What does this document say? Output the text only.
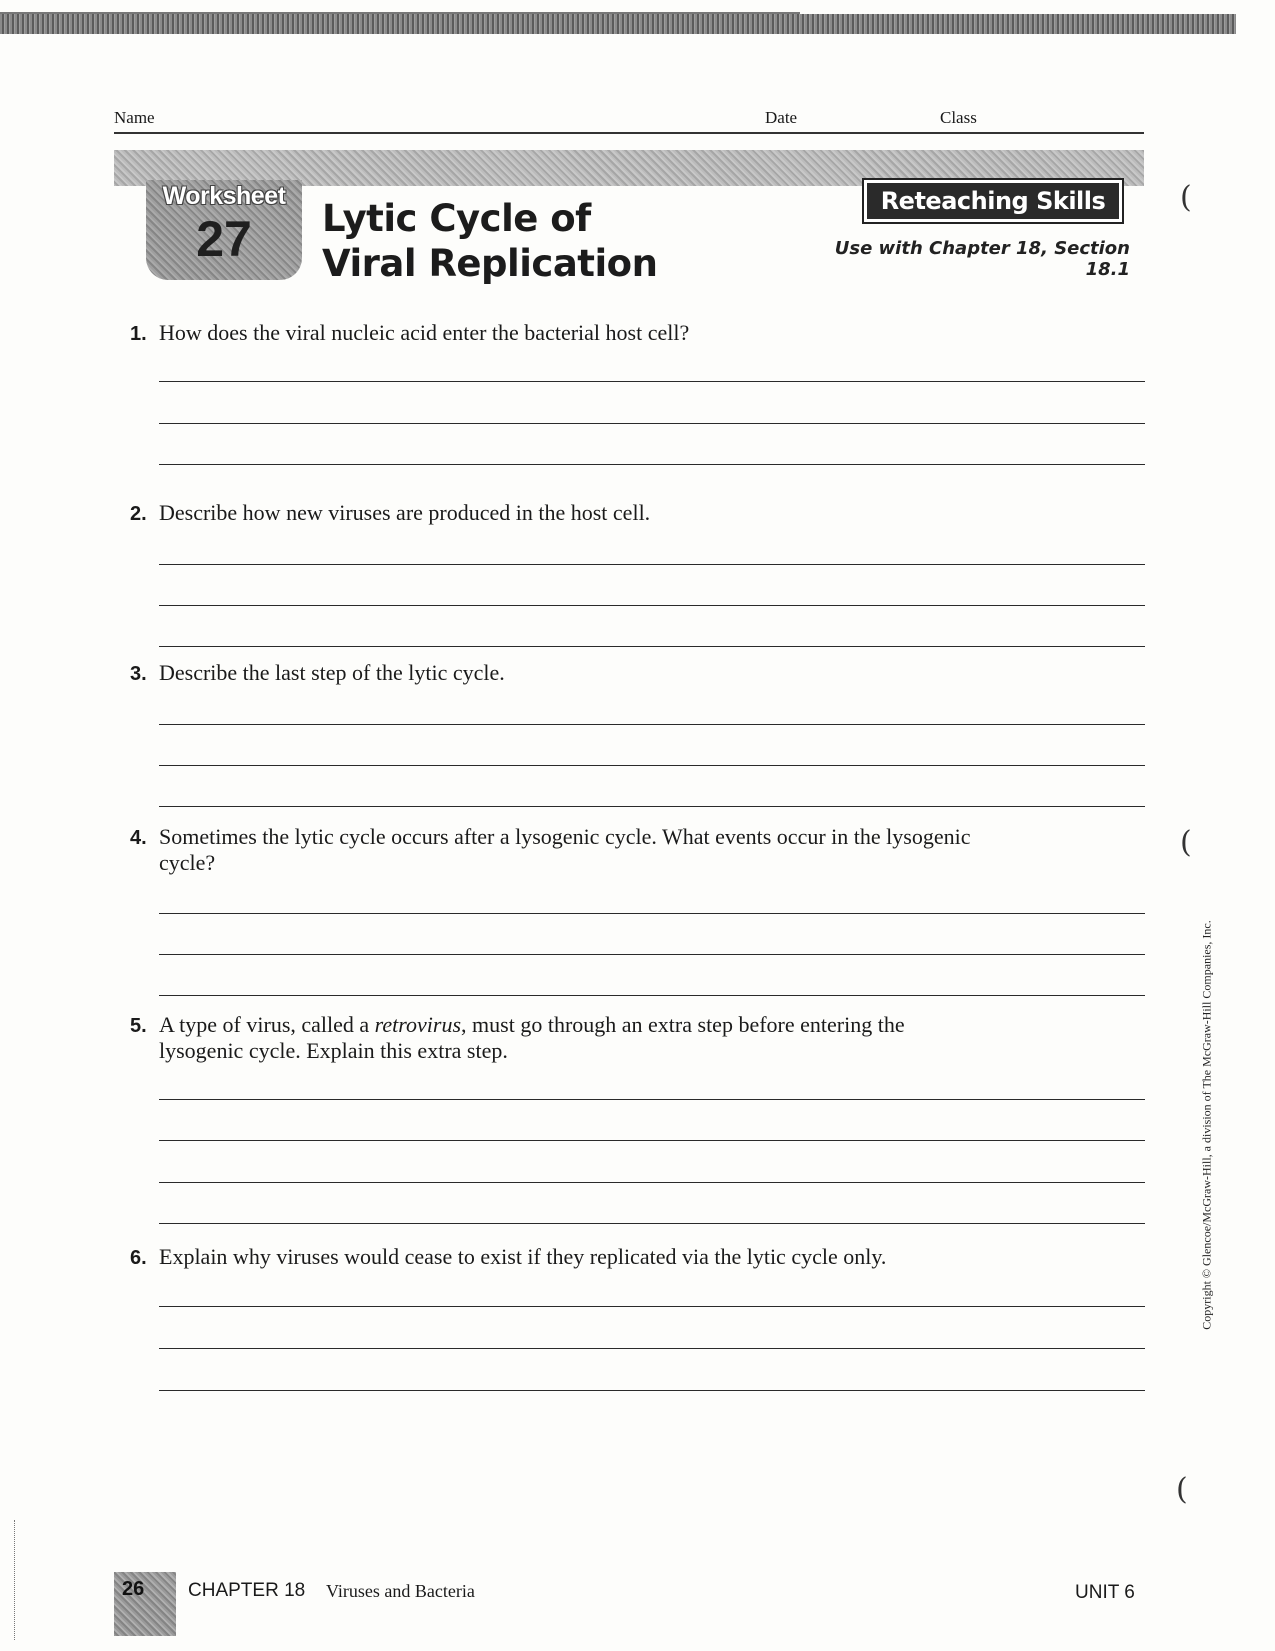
Name	Date	Class
Worksheet
27	Lytic Cycle of
Viral Replication
Reteaching Skills
Use with Chapter 18, Section 18.1
1. How does the viral nucleic acid enter the bacterial host cell?
2. Describe how new viruses are produced in the host cell.
3. Describe the last step of the lytic cycle.
4. Sometimes the lytic cycle occurs after a lysogenic cycle. What events occur in the lysogenic cycle?
5. A type of virus, called a retrovirus, must go through an extra step before entering the lysogenic cycle. Explain this extra step.
6. Explain why viruses would cease to exist if they replicated via the lytic cycle only.
(
(
(
Copyright © Glencoe/McGraw-Hill, a division of The McGraw-Hill Companies, Inc.
26 CHAPTER 18 Viruses and Bacteria	UNIT 6
